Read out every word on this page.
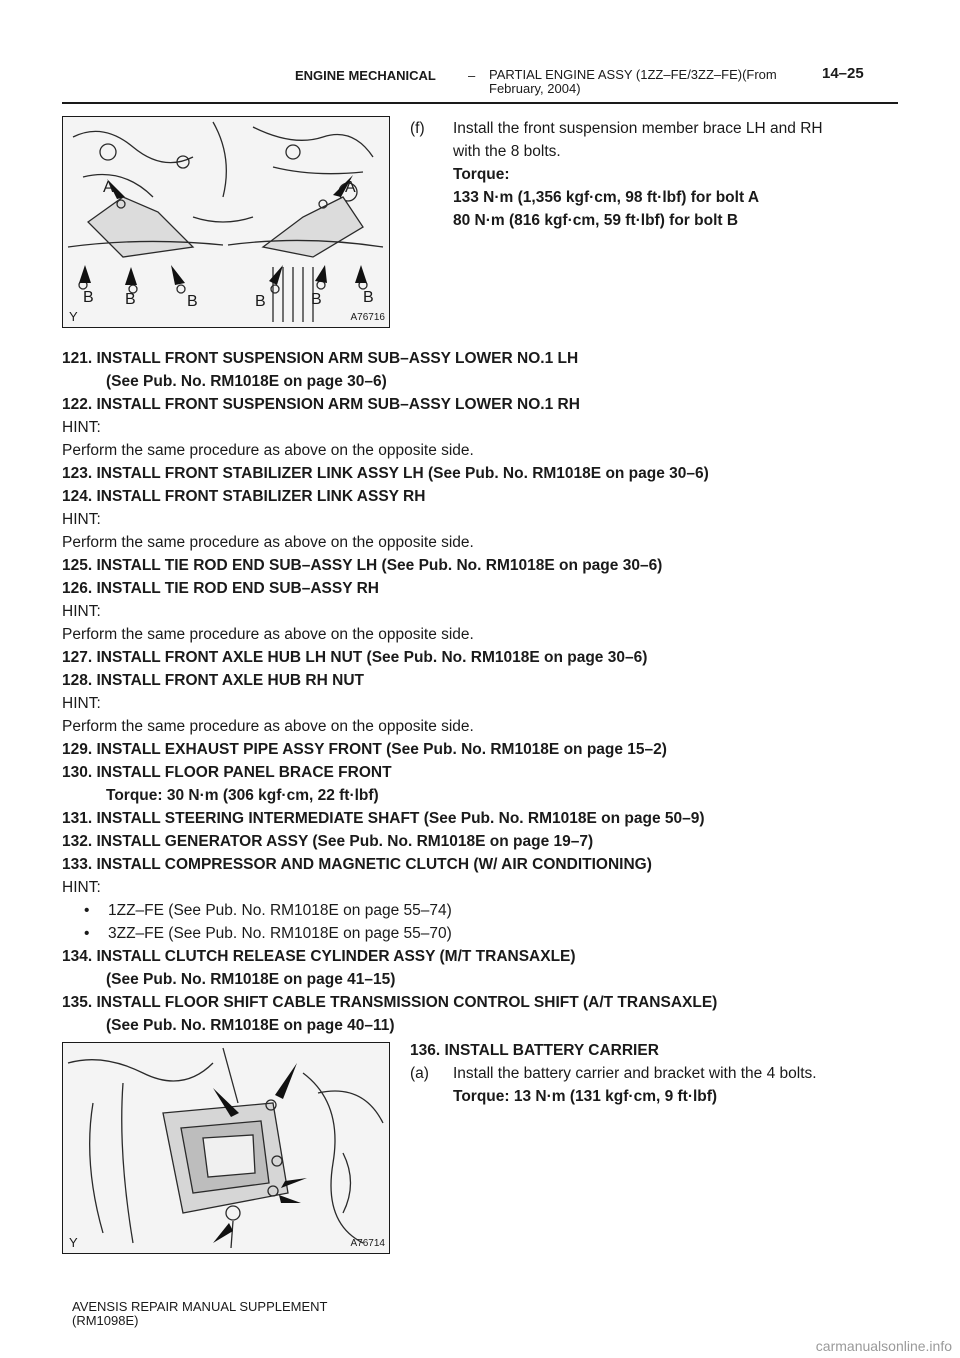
ENGINE MECHANICAL – PARTIAL ENGINE ASSY (1ZZ–FE/3ZZ–FE)(From
February, 2004)
14–25
A	A
B B	B	B	B	B
Y	A76716
(f) Install the front suspension member brace LH and RH
with the 8 bolts.
Torque:
133 N·m (1,356 kgf·cm, 98 ft·lbf) for bolt A
80 N·m (816 kgf·cm, 59 ft·lbf) for bolt B
121. INSTALL FRONT SUSPENSION ARM SUB–ASSY LOWER NO.1 LH
(See Pub. No. RM1018E on page 30–6)
122. INSTALL FRONT SUSPENSION ARM SUB–ASSY LOWER NO.1 RH
HINT:
Perform the same procedure as above on the opposite side.
123. INSTALL FRONT STABILIZER LINK ASSY LH (See Pub. No. RM1018E on page 30–6)
124. INSTALL FRONT STABILIZER LINK ASSY RH
HINT:
Perform the same procedure as above on the opposite side.
125. INSTALL TIE ROD END SUB–ASSY LH (See Pub. No. RM1018E on page 30–6)
126. INSTALL TIE ROD END SUB–ASSY RH
HINT:
Perform the same procedure as above on the opposite side.
127. INSTALL FRONT AXLE HUB LH NUT (See Pub. No. RM1018E on page 30–6)
128. INSTALL FRONT AXLE HUB RH NUT
HINT:
Perform the same procedure as above on the opposite side.
129. INSTALL EXHAUST PIPE ASSY FRONT (See Pub. No. RM1018E on page 15–2)
130. INSTALL FLOOR PANEL BRACE FRONT
Torque: 30 N·m (306 kgf·cm, 22 ft·lbf)
131. INSTALL STEERING INTERMEDIATE SHAFT (See Pub. No. RM1018E on page 50–9)
132. INSTALL GENERATOR ASSY (See Pub. No. RM1018E on page 19–7)
133. INSTALL COMPRESSOR AND MAGNETIC CLUTCH (W/ AIR CONDITIONING)
HINT:
• 1ZZ–FE (See Pub. No. RM1018E on page 55–74)
• 3ZZ–FE (See Pub. No. RM1018E on page 55–70)
134. INSTALL CLUTCH RELEASE CYLINDER ASSY (M/T TRANSAXLE)
(See Pub. No. RM1018E on page 41–15)
135. INSTALL FLOOR SHIFT CABLE TRANSMISSION CONTROL SHIFT (A/T TRANSAXLE)
(See Pub. No. RM1018E on page 40–11)
Y	A76714
136. INSTALL BATTERY CARRIER
(a) Install the battery carrier and bracket with the 4 bolts.
Torque: 13 N·m (131 kgf·cm, 9 ft·lbf)
AVENSIS REPAIR MANUAL SUPPLEMENT
(RM1098E)
carmanualsonline.info
